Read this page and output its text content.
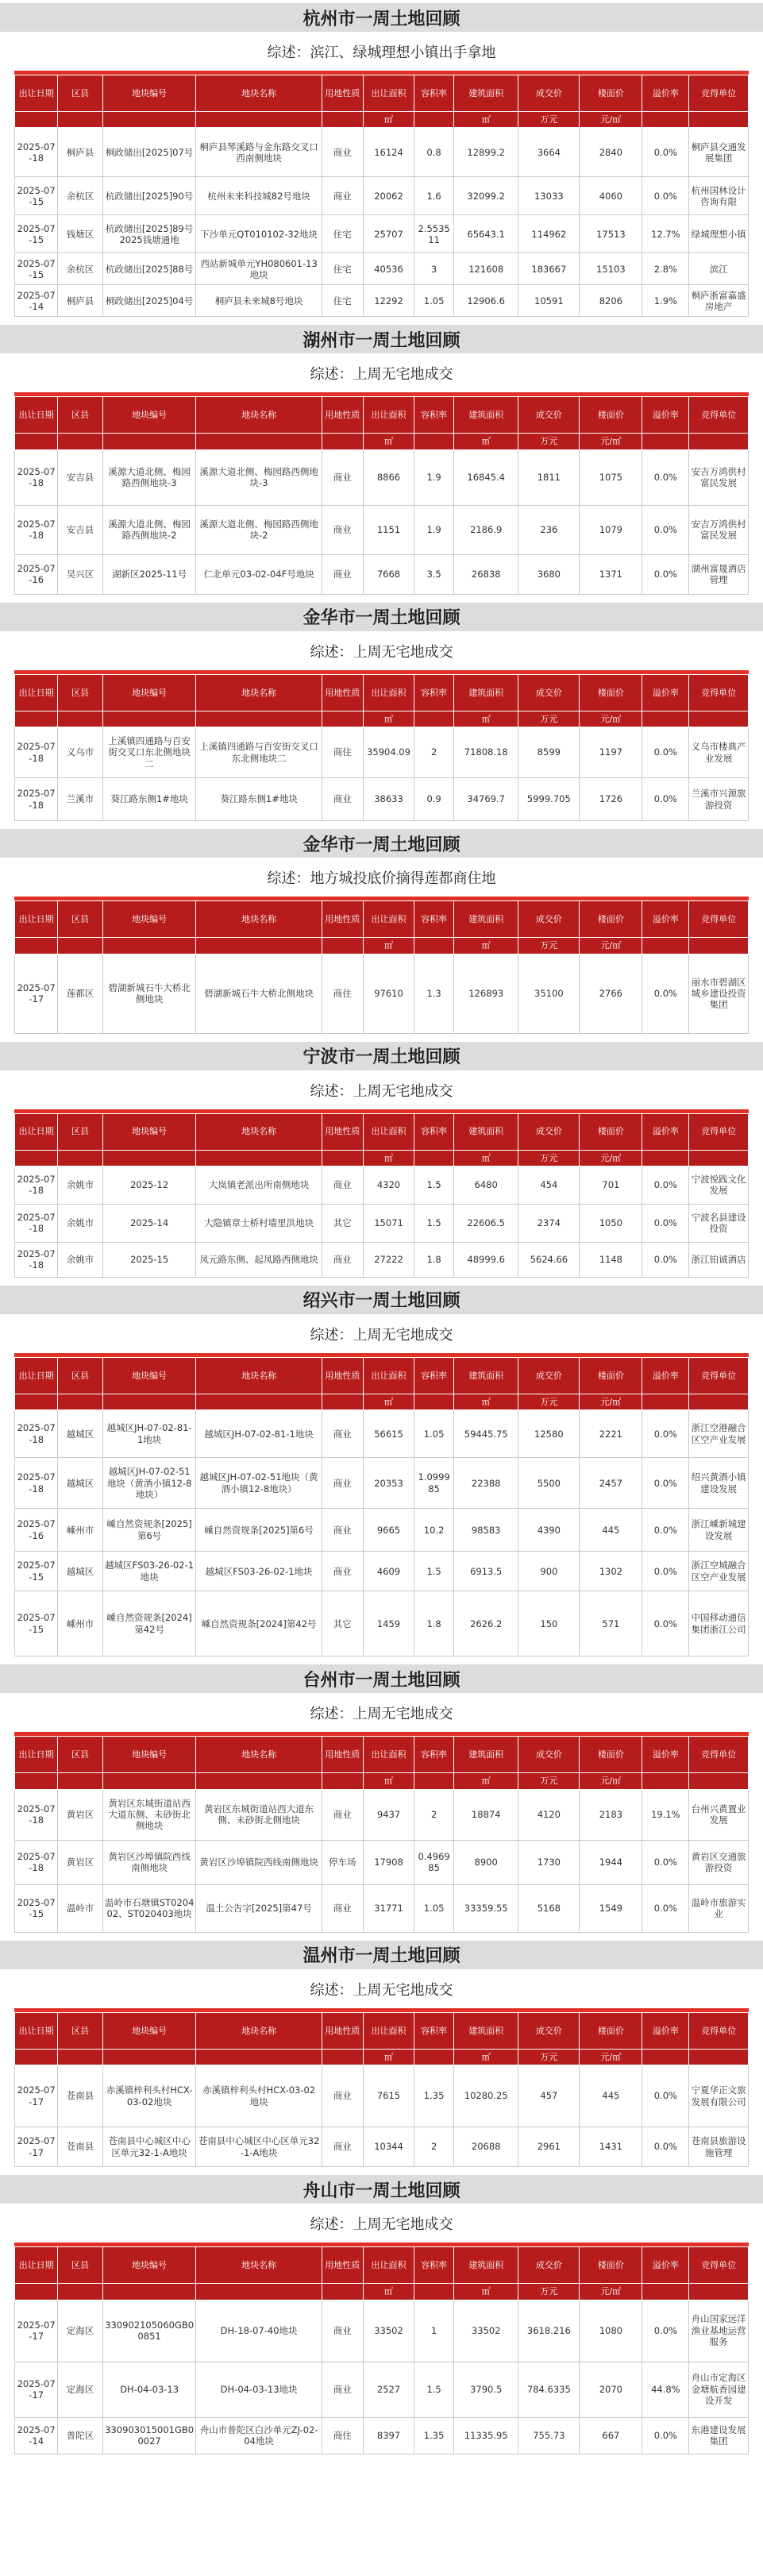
杭州市一周土地回顾
综述：滨江、绿城理想小镇出手拿地
出让日期	区县	地块编号	地块名称	用地性质	出让面积	容积率	建筑面积	成交价	楼面价	溢价率	竞得单位
					㎡		㎡	万元	元/㎡		
2025-07-18	桐庐县	桐政储出[2025]07号	桐庐县琴溪路与金东路交叉口西南侧地块	商业	16124	0.8	12899.2	3664	2840	0.0%	桐庐县交通发展集团
2025-07-15	余杭区	杭政储出[2025]90号	杭州未来科技城82号地块	商业	20062	1.6	32099.2	13033	4060	0.0%	杭州国林设计咨询有限
2025-07-15	钱塘区	杭政储出[2025]89号 2025钱塘通地	下沙单元QT010102-32地块	住宅	25707	2.553511	65643.1	114962	17513	12.7%	绿城理想小镇
2025-07-15	余杭区	杭政储出[2025]88号	西站新城单元YH080601-13地块	住宅	40536	3	121608	183667	15103	2.8%	滨江
2025-07-14	桐庐县	桐政储出[2025]04号	桐庐县未来城8号地块	住宅	12292	1.05	12906.6	10591	8206	1.9%	桐庐浙富嘉盛房地产
湖州市一周土地回顾
综述：上周无宅地成交
出让日期	区县	地块编号	地块名称	用地性质	出让面积	容积率	建筑面积	成交价	楼面价	溢价率	竞得单位
					㎡		㎡	万元	元/㎡		
2025-07-18	安吉县	溪源大道北侧、梅园路西侧地块-3	溪源大道北侧、梅园路西侧地块-3	商业	8866	1.9	16845.4	1811	1075	0.0%	安吉万鸿供村富民发展
2025-07-18	安吉县	溪源大道北侧、梅园路西侧地块-2	溪源大道北侧、梅园路西侧地块-2	商业	1151	1.9	2186.9	236	1079	0.0%	安吉万鸿供村富民发展
2025-07-16	吴兴区	湖新区2025-11号	仁北单元03-02-04F号地块	商业	7668	3.5	26838	3680	1371	0.0%	湖州富晟酒店管理
金华市一周土地回顾
综述：上周无宅地成交
出让日期	区县	地块编号	地块名称	用地性质	出让面积	容积率	建筑面积	成交价	楼面价	溢价率	竞得单位
					㎡		㎡	万元	元/㎡		
2025-07-18	义乌市	上溪镇四通路与百安街交叉口东北侧地块二	上溪镇四通路与百安街交叉口东北侧地块二	商住	35904.09	2	71808.18	8599	1197	0.0%	义乌市楼典产业发展
2025-07-18	兰溪市	葵江路东侧1#地块	葵江路东侧1#地块	商业	38633	0.9	34769.7	5999.705	1726	0.0%	兰溪市兴源旅游投资
金华市一周土地回顾
综述：地方城投底价摘得莲都商住地
出让日期	区县	地块编号	地块名称	用地性质	出让面积	容积率	建筑面积	成交价	楼面价	溢价率	竞得单位
					㎡		㎡	万元	元/㎡		
2025-07-17	莲都区	碧湖新城石牛大桥北侧地块	碧湖新城石牛大桥北侧地块	商住	97610	1.3	126893	35100	2766	0.0%	丽水市碧湖区城乡建设投资集团
宁波市一周土地回顾
综述：上周无宅地成交
出让日期	区县	地块编号	地块名称	用地性质	出让面积	容积率	建筑面积	成交价	楼面价	溢价率	竞得单位
					㎡		㎡	万元	元/㎡		
2025-07-18	余姚市	2025-12	大岚镇老派出所南侧地块	商业	4320	1.5	6480	454	701	0.0%	宁波悦践文化发展
2025-07-18	余姚市	2025-14	大隐镇章士桥村墙里洪地块	其它	15071	1.5	22606.5	2374	1050	0.0%	宁波名县建设投资
2025-07-18	余姚市	2025-15	凤元路东侧、起凤路西侧地块	商业	27222	1.8	48999.6	5624.66	1148	0.0%	浙江铂诚酒店
绍兴市一周土地回顾
综述：上周无宅地成交
出让日期	区县	地块编号	地块名称	用地性质	出让面积	容积率	建筑面积	成交价	楼面价	溢价率	竞得单位
					㎡		㎡	万元	元/㎡		
2025-07-18	越城区	越城区JH-07-02-81-1地块	越城区JH-07-02-81-1地块	商业	56615	1.05	59445.75	12580	2221	0.0%	浙江空港融合区空产业发展
2025-07-18	越城区	越城区JH-07-02-51地块（黄酒小镇12-8地块）	越城区JH-07-02-51地块（黄酒小镇12-8地块）	商业	20353	1.099985	22388	5500	2457	0.0%	绍兴黄酒小镇建设发展
2025-07-16	嵊州市	嵊自然资规条[2025]第6号	嵊自然资规条[2025]第6号	商业	9665	10.2	98583	4390	445	0.0%	浙江嵊新城建设发展
2025-07-15	越城区	越城区FS03-26-02-1地块	越城区FS03-26-02-1地块	商业	4609	1.5	6913.5	900	1302	0.0%	浙江空城融合区空产业发展
2025-07-15	嵊州市	嵊自然资规条[2024]第42号	嵊自然资规条[2024]第42号	其它	1459	1.8	2626.2	150	571	0.0%	中国移动通信集团浙江公司
台州市一周土地回顾
综述：上周无宅地成交
出让日期	区县	地块编号	地块名称	用地性质	出让面积	容积率	建筑面积	成交价	楼面价	溢价率	竞得单位
					㎡		㎡	万元	元/㎡		
2025-07-18	黄岩区	黄岩区东城街道站西大道东侧、未砂街北侧地块	黄岩区东城街道站西大道东侧、未砂街北侧地块	商业	9437	2	18874	4120	2183	19.1%	台州兴黄置业发展
2025-07-18	黄岩区	黄岩区沙埠镇院西线南侧地块	黄岩区沙埠镇院西线南侧地块	停车场	17908	0.496985	8900	1730	1944	0.0%	黄岩区交通旅游投资
2025-07-15	温岭市	温岭市石塘镇ST020402、ST020403地块	温土公告字[2025]第47号	商业	31771	1.05	33359.55	5168	1549	0.0%	温岭市旅游实业
温州市一周土地回顾
综述：上周无宅地成交
出让日期	区县	地块编号	地块名称	用地性质	出让面积	容积率	建筑面积	成交价	楼面价	溢价率	竞得单位
					㎡		㎡	万元	元/㎡		
2025-07-17	苍南县	赤溪镇梓利头村HCX-03-02地块	赤溪镇梓利头村HCX-03-02地块	商业	7615	1.35	10280.25	457	445	0.0%	宁夏华正文旅发展有限公司
2025-07-17	苍南县	苍南县中心城区中心区单元32-1-A地块	苍南县中心城区中心区单元32-1-A地块	商业	10344	2	20688	2961	1431	0.0%	苍南县旅游设施管理
舟山市一周土地回顾
综述：上周无宅地成交
出让日期	区县	地块编号	地块名称	用地性质	出让面积	容积率	建筑面积	成交价	楼面价	溢价率	竞得单位
					㎡		㎡	万元	元/㎡		
2025-07-17	定海区	330902105060GB00851	DH-18-07-40地块	商业	33502	1	33502	3618.216	1080	0.0%	舟山国家远洋渔业基地运营服务
2025-07-17	定海区	DH-04-03-13	DH-04-03-13地块	商业	2527	1.5	3790.5	784.6335	2070	44.8%	舟山市定海区金塘航香园建设开发
2025-07-14	普陀区	330903015001GB00027	舟山市普陀区白沙单元ZJ-02-04地块	商住	8397	1.35	11335.95	755.73	667	0.0%	东港建设发展集团
